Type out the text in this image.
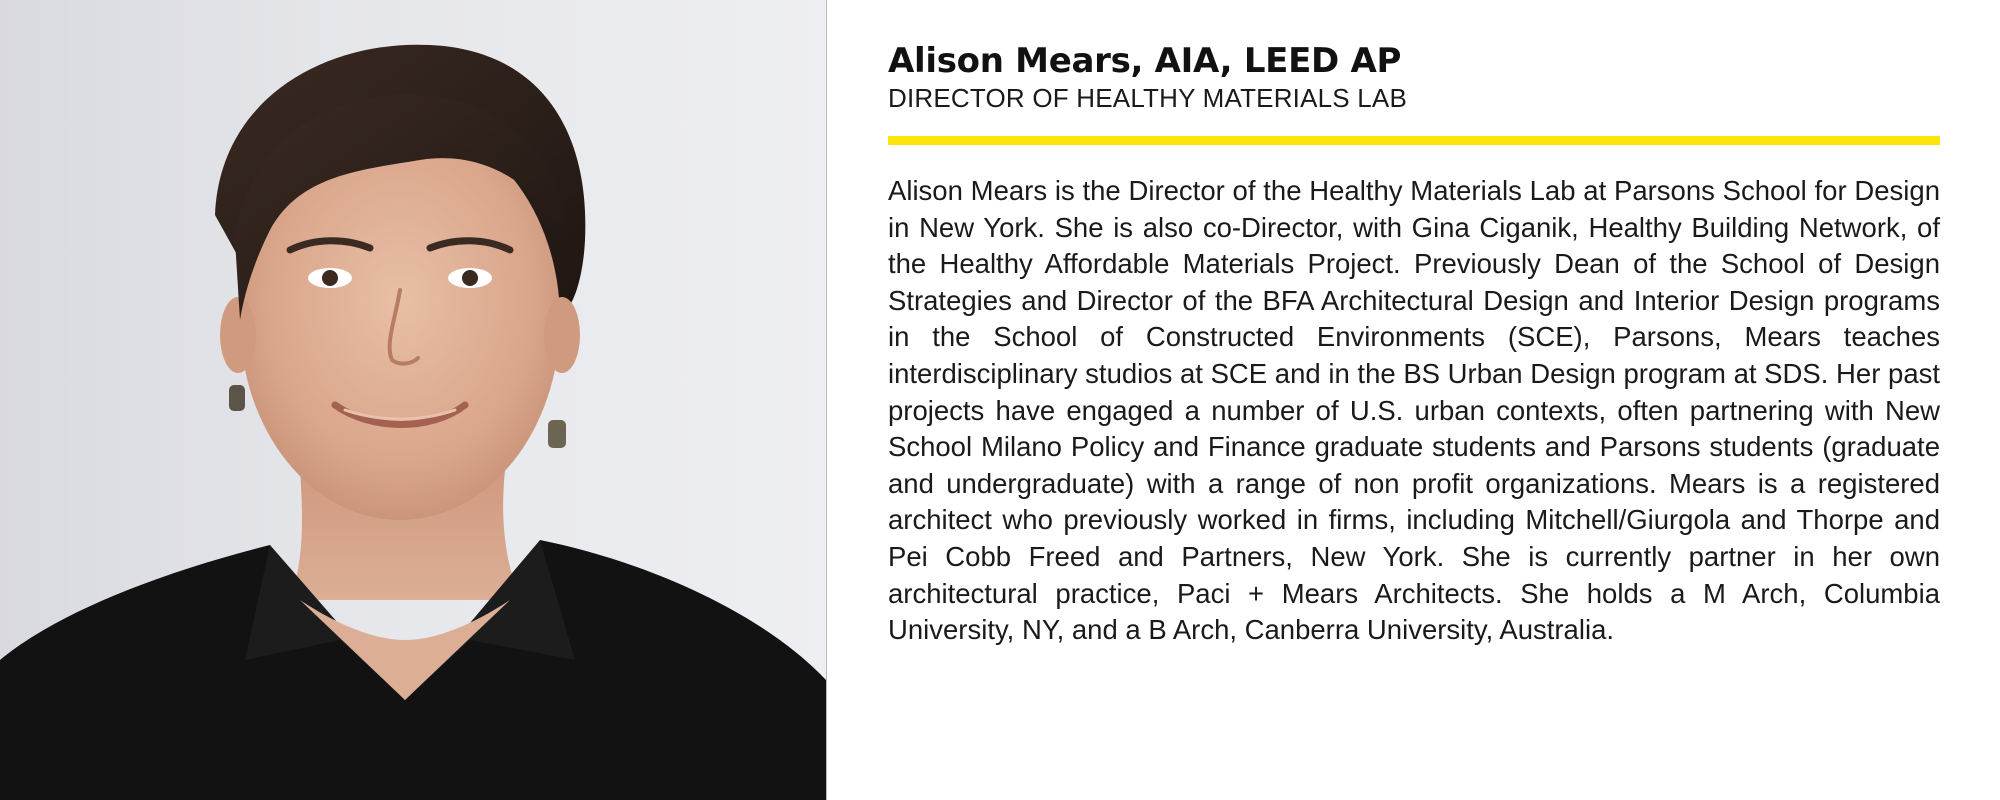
Alison Mears, AIA, LEED AP

DIRECTOR OF HEALTHY MATERIALS LAB

Alison Mears is the Director of the Healthy Materials Lab at Parsons School for Design in New York. She is also co-Director, with Gina Ciganik, Healthy Building Network, of the Healthy Affordable Materials Project. Previously Dean of the School of Design Strategies and Director of the BFA Architectural Design and Interior Design programs in the School of Constructed Environments (SCE), Parsons, Mears teaches interdisciplinary studios at SCE and in the BS Urban Design program at SDS. Her past projects have engaged a number of U.S. urban contexts, often partnering with New School Milano Policy and Finance graduate students and Parsons students (graduate and undergraduate) with a range of non profit organizations. Mears is a registered architect who previously worked in firms, including Mitchell/Giurgola and Thorpe and Pei Cobb Freed and Partners, New York. She is currently partner in her own architectural practice, Paci + Mears Architects. She holds a M Arch, Columbia University, NY, and a B Arch, Canberra University, Australia.
